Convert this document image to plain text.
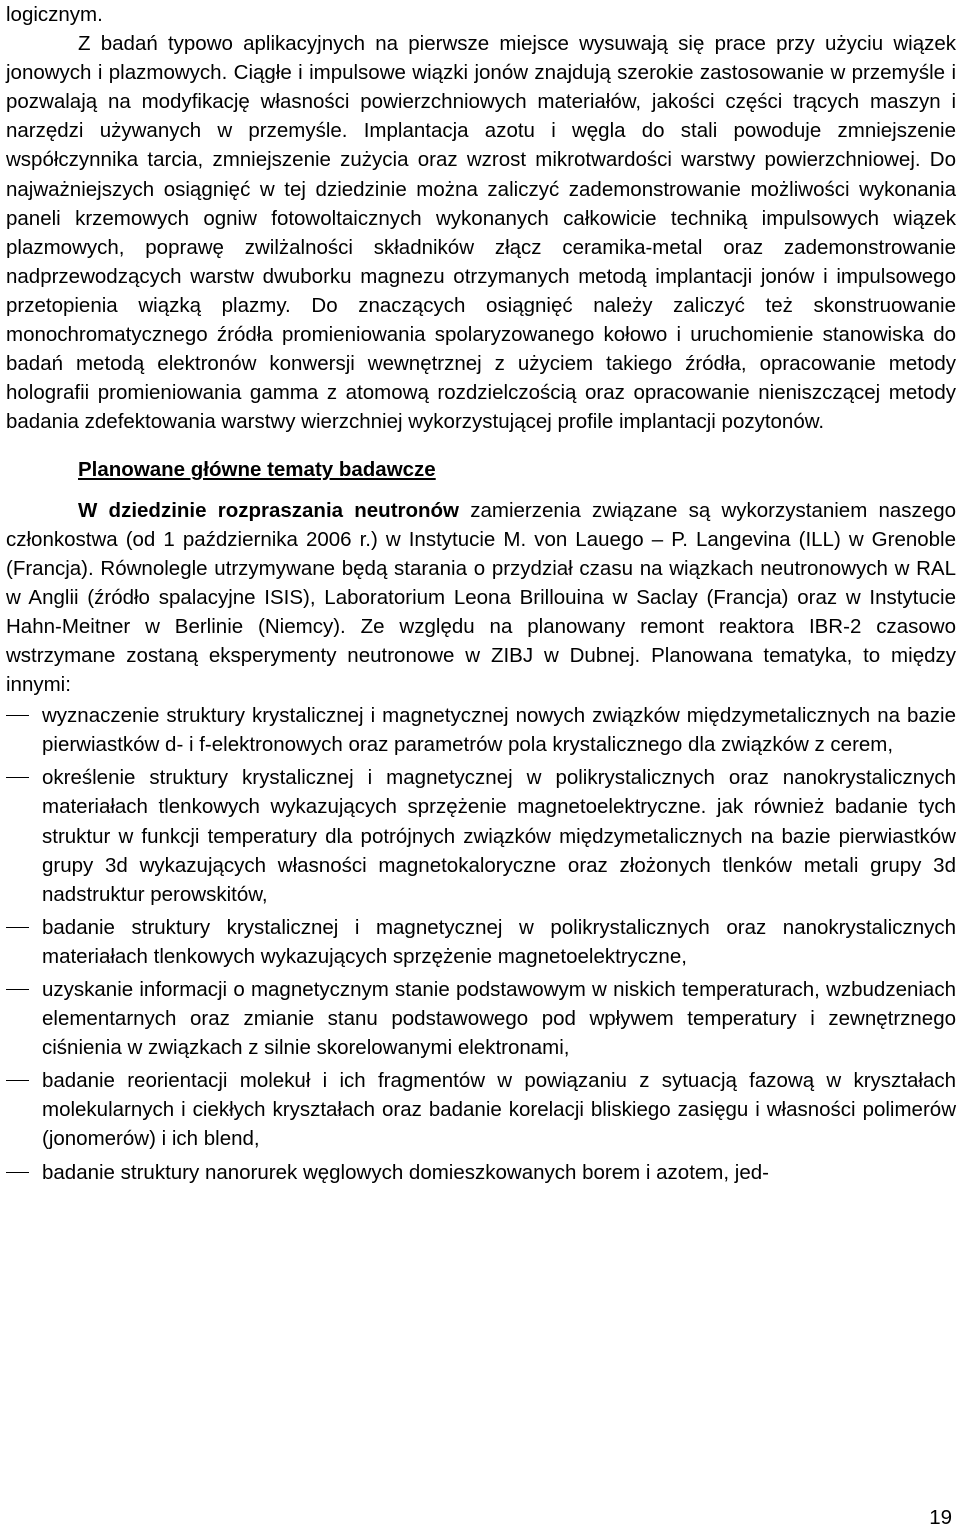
logicznym.

Z badań typowo aplikacyjnych na pierwsze miejsce wysuwają się prace przy użyciu wiązek jonowych i plazmowych. Ciągłe i impulsowe wiązki jonów znajdują szerokie zastosowanie w przemyśle i pozwalają na modyfikację własności powierzchniowych materiałów, jakości części trących maszyn i narzędzi używanych w przemyśle. Implantacja azotu i węgla do stali powoduje zmniejszenie współczynnika tarcia, zmniejszenie zużycia oraz wzrost mikrotwardości warstwy powierzchniowej. Do najważniejszych osiągnięć w tej dziedzinie można zaliczyć zademonstrowanie możliwości wykonania paneli krzemowych ogniw fotowoltaicznych wykonanych całkowicie techniką impulsowych wiązek plazmowych, poprawę zwilżalności składników złącz ceramika-metal oraz zademonstrowanie nadprzewodzących warstw dwuborku magnezu otrzymanych metodą implantacji jonów i impulsowego przetopienia wiązką plazmy. Do znaczących osiągnięć należy zaliczyć też skonstruowanie monochromatycznego źródła promieniowania spolaryzowanego kołowo i uruchomienie stanowiska do badań metodą elektronów konwersji wewnętrznej z użyciem takiego źródła, opracowanie metody holografii promieniowania gamma z atomową rozdzielczością oraz opracowanie nieniszczącej metody badania zdefektowania warstwy wierzchniej wykorzystującej profile implantacji pozytonów.

Planowane główne tematy badawcze

W dziedzinie rozpraszania neutronów zamierzenia związane są wykorzystaniem naszego członkostwa (od 1 października 2006 r.) w Instytucie M. von Lauego – P. Langevina (ILL) w Grenoble (Francja). Równolegle utrzymywane będą starania o przydział czasu na wiązkach neutronowych w RAL w Anglii (źródło spalacyjne ISIS), Laboratorium Leona Brillouina w Saclay (Francja) oraz w Instytucie Hahn-Meitner w Berlinie (Niemcy). Ze względu na planowany remont reaktora IBR-2 czasowo wstrzymane zostaną eksperymenty neutronowe w ZIBJ w Dubnej. Planowana tematyka, to między innymi:

wyznaczenie struktury krystalicznej i magnetycznej nowych związków międzymetalicznych na bazie pierwiastków d- i f-elektronowych oraz parametrów pola krystalicznego dla związków z cerem,
określenie struktury krystalicznej i magnetycznej w polikrystalicznych oraz nanokrystalicznych materiałach tlenkowych wykazujących sprzężenie magnetoelektryczne. jak również badanie tych struktur w funkcji temperatury dla potrójnych związków międzymetalicznych na bazie pierwiastków grupy 3d wykazujących własności magnetokaloryczne oraz złożonych tlenków metali grupy 3d nadstruktur perowskitów,
badanie struktury krystalicznej i magnetycznej w polikrystalicznych oraz nanokrystalicznych materiałach tlenkowych wykazujących sprzężenie magnetoelektryczne,
uzyskanie informacji o magnetycznym stanie podstawowym w niskich temperaturach, wzbudzeniach elementarnych oraz zmianie stanu podstawowego pod wpływem temperatury i zewnętrznego ciśnienia w związkach z silnie skorelowanymi elektronami,
badanie reorientacji molekuł i ich fragmentów w powiązaniu z sytuacją fazową w kryształach molekularnych i ciekłych kryształach oraz badanie korelacji bliskiego zasięgu i własności polimerów (jonomerów) i ich blend,
badanie struktury nanorurek węglowych domieszkowanych borem i azotem, jed-
19
